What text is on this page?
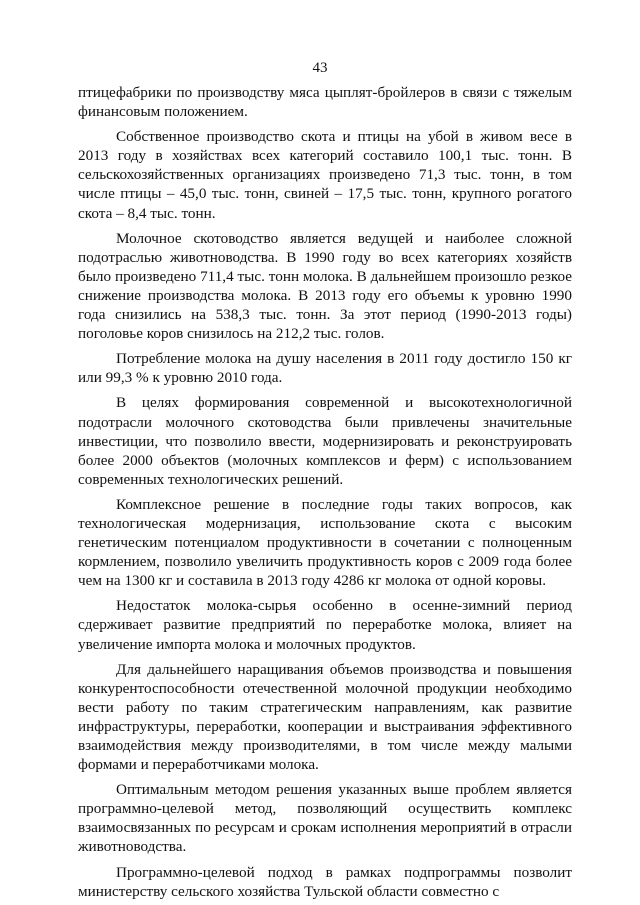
43

птицефабрики по производству мяса цыплят-бройлеров в связи с тяжелым финансовым положением.

Собственное производство скота и птицы на убой в живом весе в 2013 году в хозяйствах всех категорий составило 100,1 тыс. тонн. В сельскохозяйственных организациях произведено 71,3 тыс. тонн, в том числе птицы – 45,0 тыс. тонн, свиней – 17,5 тыс. тонн, крупного рогатого скота – 8,4 тыс. тонн.

Молочное скотоводство является ведущей и наиболее сложной подотраслью животноводства. В 1990 году во всех категориях хозяйств было произведено 711,4 тыс. тонн молока. В дальнейшем произошло резкое снижение производства молока. В 2013 году его объемы к уровню 1990 года снизились на 538,3 тыс. тонн. За этот период (1990-2013 годы) поголовье коров снизилось на 212,2 тыс. голов.

Потребление молока на душу населения в 2011 году достигло 150 кг или 99,3 % к уровню 2010 года.

В целях формирования современной и высокотехнологичной подотрасли молочного скотоводства были привлечены значительные инвестиции, что позволило ввести, модернизировать и реконструировать более 2000 объектов (молочных комплексов и ферм) с использованием современных технологических решений.

Комплексное решение в последние годы таких вопросов, как технологическая модернизация, использование скота с высоким генетическим потенциалом продуктивности в сочетании с полноценным кормлением, позволило увеличить продуктивность коров с 2009 года более чем на 1300 кг и составила в 2013 году 4286 кг молока от одной коровы.

Недостаток молока-сырья особенно в осенне-зимний период сдерживает развитие предприятий по переработке молока, влияет на увеличение импорта молока и молочных продуктов.

Для дальнейшего наращивания объемов производства и повышения конкурентоспособности отечественной молочной продукции необходимо вести работу по таким стратегическим направлениям, как развитие инфраструктуры, переработки, кооперации и выстраивания эффективного взаимодействия между производителями, в том числе между малыми формами и переработчиками молока.

Оптимальным методом решения указанных выше проблем является программно-целевой метод, позволяющий осуществить комплекс взаимосвязанных по ресурсам и срокам исполнения мероприятий в отрасли животноводства.

Программно-целевой подход в рамках подпрограммы позволит министерству сельского хозяйства Тульской области совместно с
